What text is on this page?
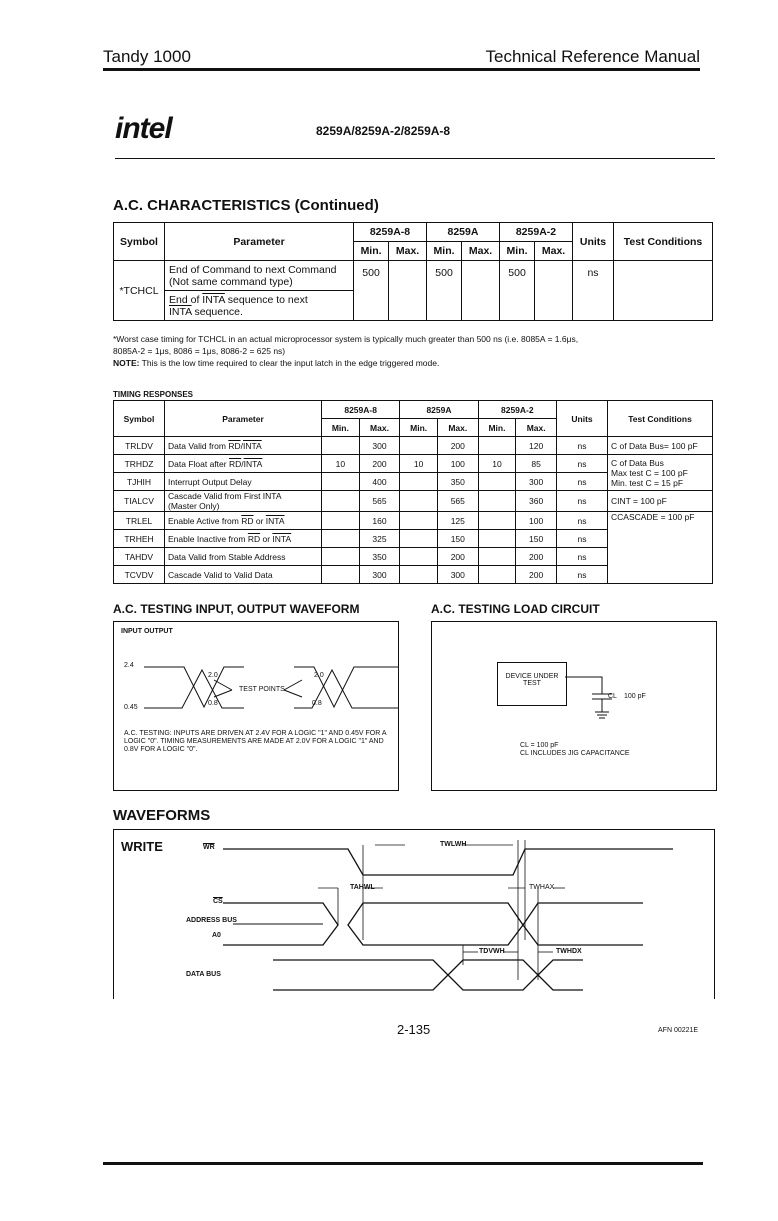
Tandy 1000	Technical Reference Manual
intel	8259A/8259A-2/8259A-8
A.C. CHARACTERISTICS (Continued)
Symbol	Parameter	8259A-8		8259A		8259A-2		Units	Test Conditions
		Min.	Max.	Min.	Max.	Min.	Max.		
*TCHCL	End of Command to next Command (Not same command type)	500		500		500		ns	
	End of INTA sequence to next
INTA sequence.								
*Worst case timing for TCHCL in an actual microprocessor system is typically much greater than 500 ns (i.e. 8085A = 1.6μs,
8085A-2 = 1μs, 8086 = 1μs, 8086-2 = 625 ns)
NOTE: This is the low time required to clear the input latch in the edge triggered mode.
TIMING RESPONSES
Symbol	Parameter	8259A-8		8259A		8259A-2		Units	Test Conditions
		Min.	Max.	Min.	Max.	Min.	Max.		
TRLDV	Data Valid from $\overline{RD}$/INTA		300		200		120	ns	C of Data Bus= 100 pF
TRHDZ	Data Float after $\overline{RD}$/INTA	10	200	10	100	10	85	ns	C of Data Bus
Max test C = 100 pF
Min. test C = 15 pF

TJHIH	Interrupt Output Delay		400		350		300	ns	
TIALCV	Cascade Valid from First INTA
(Master Only)		565		565		360	ns	CINT = 100 pF
TRLEL	Enable Active from $\overline{RD}$ or INTA		160		125		100	ns	CCASCADE = 100 pF
TRHEH	Enable Inactive from $\overline{RD}$ or INTA		325		150		150	ns	
TAHDV	Data Valid from Stable Address		350		200		200	ns	
TCVDV	Cascade Valid to Valid Data		300		300		200	ns	
A.C. TESTING INPUT, OUTPUT WAVEFORM
INPUT OUTPUT
2.4
0.45
2.0	2.0
0.8	0.8
TEST POINTS
A.C. TESTING: INPUTS ARE DRIVEN AT 2.4V FOR A LOGIC "1" AND 0.45V FOR A LOGIC "0". TIMING MEASUREMENTS ARE MADE AT 2.0V FOR A LOGIC "1" AND 0.8V FOR A LOGIC "0".
A.C. TESTING LOAD CIRCUIT
DEVICE UNDER TEST
CL 100 pF
CL = 100 pF
CL INCLUDES JIG CAPACITANCE
WAVEFORMS
WRITE	$\overline{WR}$
$\overline{CS}$
ADDRESS BUS
A0
DATA BUS
TWLWH
TAHWL	TWHAX
TDVWH	TWHDX
2-135	AFN 00221E
